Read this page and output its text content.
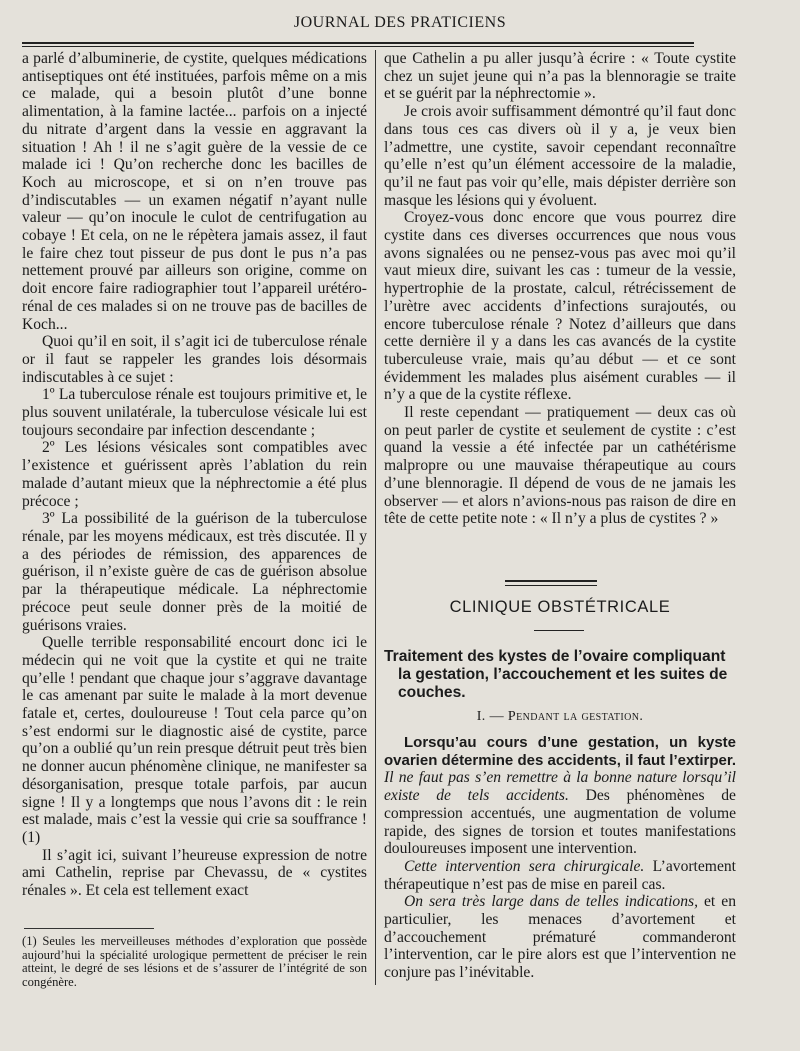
JOURNAL DES PRATICIENS

a parlé d’albuminerie, de cystite, quelques médications antiseptiques ont été instituées, parfois même on a mis ce malade, qui a besoin plutôt d’une bonne alimentation, à la famine lactée... parfois on a injecté du nitrate d’argent dans la vessie en aggravant la situation ! Ah ! il ne s’agit guère de la vessie de ce malade ici ! Qu’on recherche donc les bacilles de Koch au microscope, et si on n’en trouve pas d’indiscutables — un examen négatif n’ayant nulle valeur — qu’on inocule le culot de centrifugation au cobaye ! Et cela, on ne le répètera jamais assez, il faut le faire chez tout pisseur de pus dont le pus n’a pas nettement prouvé par ailleurs son origine, comme on doit encore faire radiographier tout l’appareil urétéro-rénal de ces malades si on ne trouve pas de bacilles de Koch...

Quoi qu’il en soit, il s’agit ici de tuberculose rénale or il faut se rappeler les grandes lois désormais indiscutables à ce sujet :

1º La tuberculose rénale est toujours primitive et, le plus souvent unilatérale, la tuberculose vésicale lui est toujours secondaire par infection descendante ;

2º Les lésions vésicales sont compatibles avec l’existence et guérissent après l’ablation du rein malade d’autant mieux que la néphrectomie a été plus précoce ;

3º La possibilité de la guérison de la tuberculose rénale, par les moyens médicaux, est très discutée. Il y a des périodes de rémission, des apparences de guérison, il n’existe guère de cas de guérison absolue par la thérapeutique médicale. La néphrectomie précoce peut seule donner près de la moitié de guérisons vraies.

Quelle terrible responsabilité encourt donc ici le médecin qui ne voit que la cystite et qui ne traite qu’elle ! pendant que chaque jour s’aggrave davantage le cas amenant par suite le malade à la mort devenue fatale et, certes, douloureuse ! Tout cela parce qu’on s’est endormi sur le diagnostic aisé de cystite, parce qu’on a oublié qu’un rein presque détruit peut très bien ne donner aucun phénomène clinique, ne manifester sa désorganisation, presque totale parfois, par aucun signe ! Il y a longtemps que nous l’avons dit : le rein est malade, mais c’est la vessie qui crie sa souffrance ! (1)

Il s’agit ici, suivant l’heureuse expression de notre ami Cathelin, reprise par Chevassu, de « cystites rénales ». Et cela est tellement exact

(1) Seules les merveilleuses méthodes d’exploration que possède aujourd’hui la spécialité urologique permettent de préciser le rein atteint, le degré de ses lésions et de s’assurer de l’intégrité de son congénère.

que Cathelin a pu aller jusqu’à écrire : « Toute cystite chez un sujet jeune qui n’a pas la blennoragie se traite et se guérit par la néphrectomie ».

Je crois avoir suffisamment démontré qu’il faut donc dans tous ces cas divers où il y a, je veux bien l’admettre, une cystite, savoir cependant reconnaître qu’elle n’est qu’un élément accessoire de la maladie, qu’il ne faut pas voir qu’elle, mais dépister derrière son masque les lésions qui y évoluent.

Croyez-vous donc encore que vous pourrez dire cystite dans ces diverses occurrences que nous vous avons signalées ou ne pensez-vous pas avec moi qu’il vaut mieux dire, suivant les cas : tumeur de la vessie, hypertrophie de la prostate, calcul, rétrécissement de l’urètre avec accidents d’infections surajoutés, ou encore tuberculose rénale ? Notez d’ailleurs que dans cette dernière il y a dans les cas avancés de la cystite tuberculeuse vraie, mais qu’au début — et ce sont évidemment les malades plus aisément curables — il n’y a que de la cystite réflexe.

Il reste cependant — pratiquement — deux cas où on peut parler de cystite et seulement de cystite : c’est quand la vessie a été infectée par un cathétérisme malpropre ou une mauvaise thérapeutique au cours d’une blennoragie. Il dépend de vous de ne jamais les observer — et alors n’avions-nous pas raison de dire en tête de cette petite note : « Il n’y a plus de cystites ? »

CLINIQUE OBSTÉTRICALE
Traitement des kystes de l’ovaire compliquant
la gestation, l’accouchement et les suites de couches.
I. — Pendant la gestation.

Lorsqu’au cours d’une gestation, un kyste ovarien détermine des accidents, il faut l’extirper. Il ne faut pas s’en remettre à la bonne nature lorsqu’il existe de tels accidents. Des phénomènes de compression accentués, une augmentation de volume rapide, des signes de torsion et toutes manifestations douloureuses imposent une intervention.

Cette intervention sera chirurgicale. L’avortement thérapeutique n’est pas de mise en pareil cas.

On sera très large dans de telles indications, et en particulier, les menaces d’avortement et d’accouchement prématuré commanderont l’intervention, car le pire alors est que l’intervention ne conjure pas l’inévitable.
